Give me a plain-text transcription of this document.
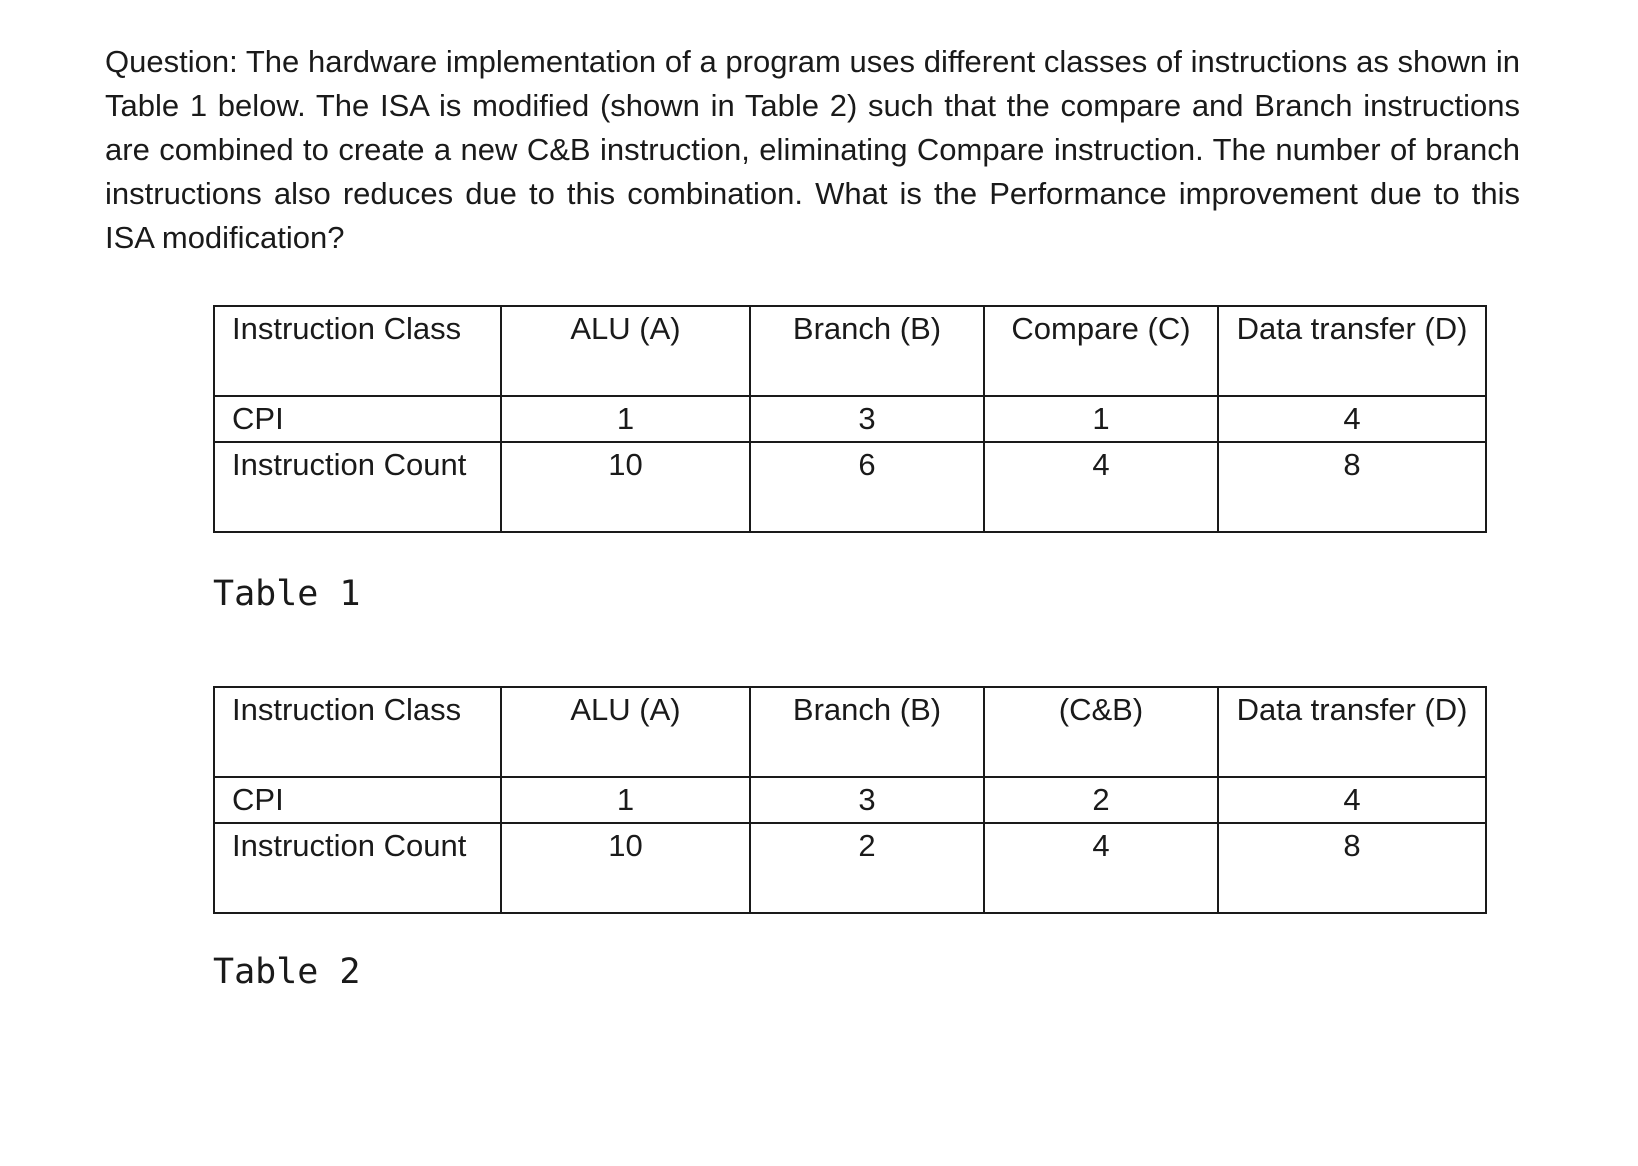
Question: The hardware implementation of a program uses different classes of instructions as shown in Table 1 below. The ISA is modified (shown in Table 2) such that the compare and Branch instructions are combined to create a new C&B instruction, eliminating Compare instruction. The number of branch instructions also reduces due to this combination. What is the Performance improvement due to this ISA modification?

Instruction Class	ALU (A)	Branch (B)	Compare (C)	Data transfer (D)
CPI	1	3	1	4
Instruction Count	10	6	4	8
Table 1
Instruction Class	ALU (A)	Branch (B)	(C&B)	Data transfer (D)
CPI	1	3	2	4
Instruction Count	10	2	4	8
Table 2
